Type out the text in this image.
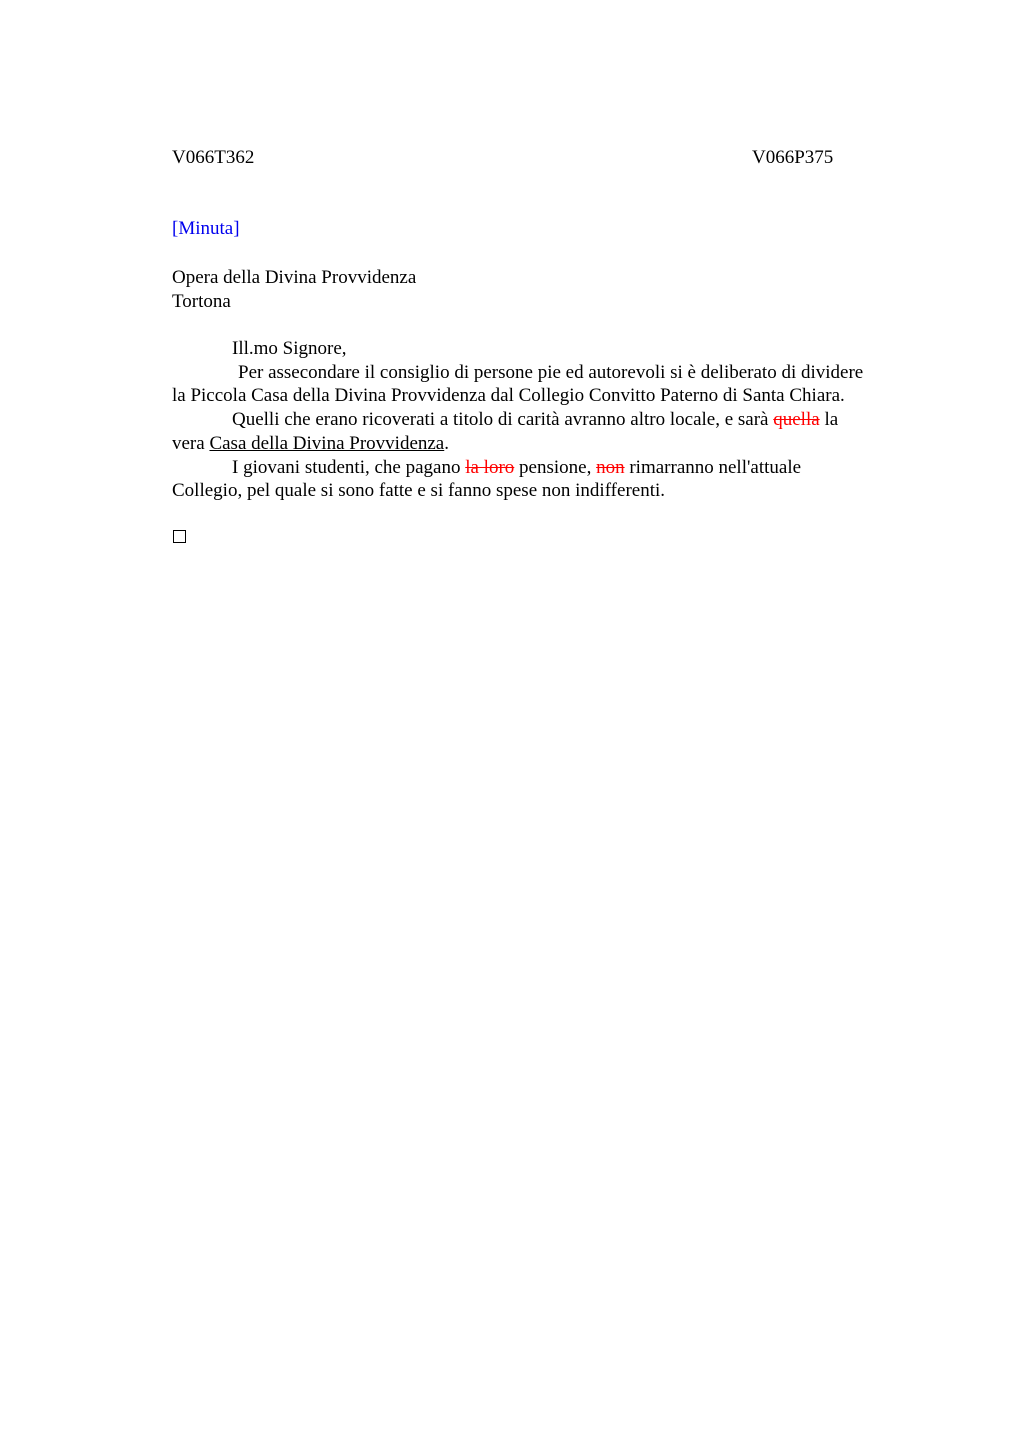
V066T362	V066P375
[Minuta]
Opera della Divina Provvidenza
Tortona

Ill.mo Signore,

Per assecondare il consiglio di persone pie ed autorevoli si è deliberato di dividere

la Piccola Casa della Divina Provvidenza dal Collegio Convitto Paterno di Santa Chiara.

Quelli che erano ricoverati a titolo di carità avranno altro locale, e sarà quella la

vera Casa della Divina Provvidenza.

I giovani studenti, che pagano la loro pensione, non rimarranno nell'attuale

Collegio, pel quale si sono fatte e si fanno spese non indifferenti.
